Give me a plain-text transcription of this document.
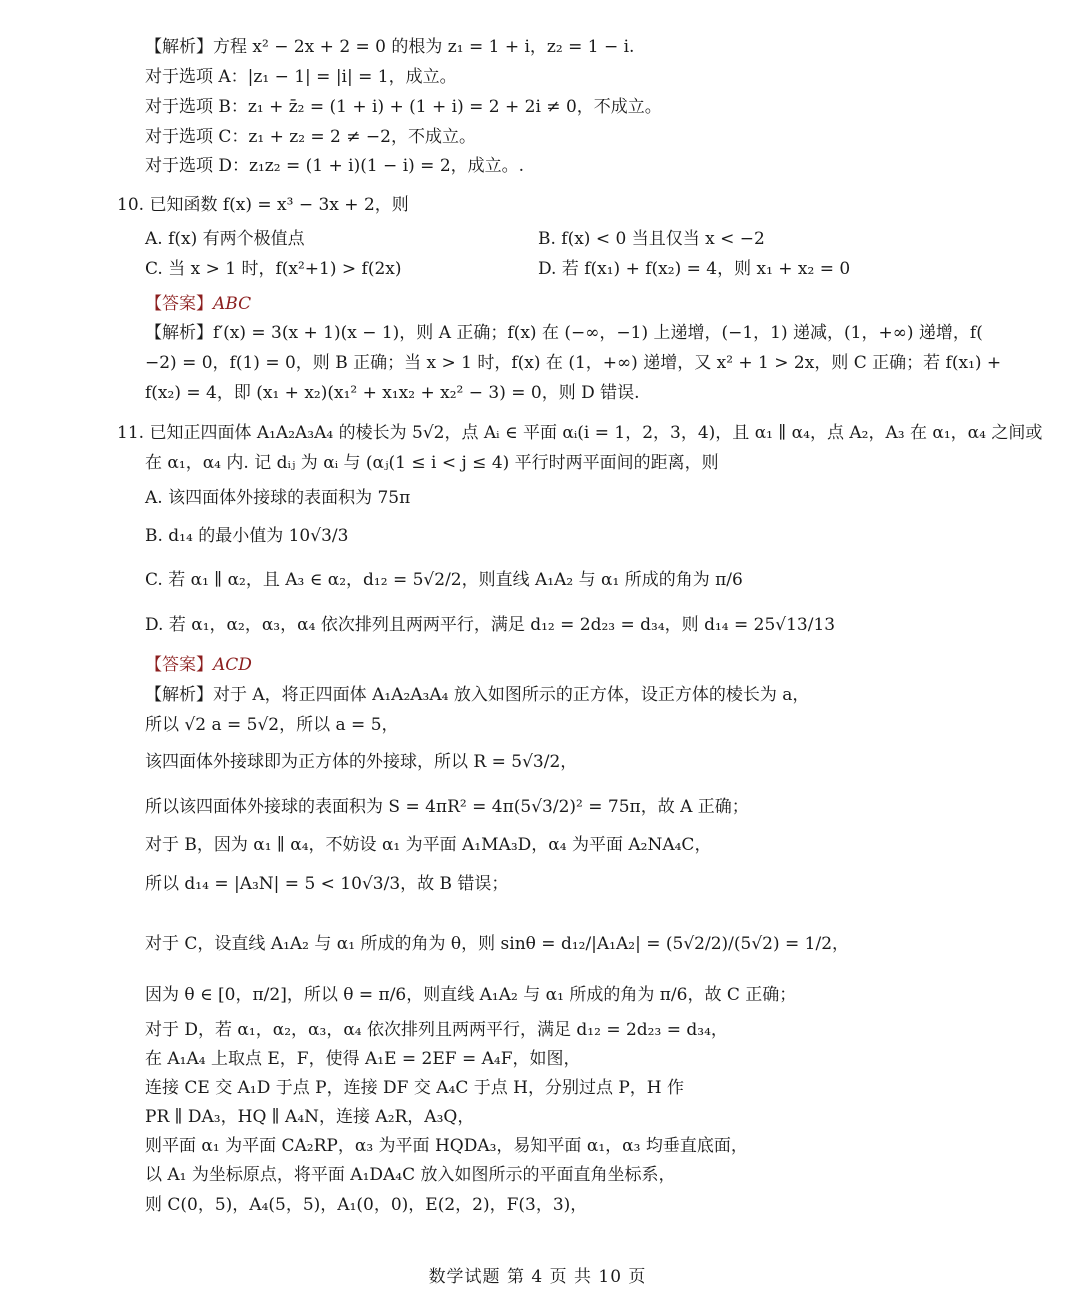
【解析】方程 x² − 2x + 2 = 0 的根为 z₁ = 1 + i，z₂ = 1 − i.
对于选项 A：|z₁ − 1| = |i| = 1，成立。
对于选项 B：z₁ + z̄₂ = (1 + i) + (1 + i) = 2 + 2i ≠ 0，不成立。
对于选项 C：z₁ + z₂ = 2 ≠ −2，不成立。
对于选项 D：z₁z₂ = (1 + i)(1 − i) = 2，成立。.
10. 已知函数 f(x) = x³ − 3x + 2，则
A. f(x) 有两个极值点	B. f(x) < 0 当且仅当 x < −2
C. 当 x > 1 时，f(x²+1) > f(2x)	D. 若 f(x₁) + f(x₂) = 4，则 x₁ + x₂ = 0
【答案】ABC
【解析】f′(x) = 3(x + 1)(x − 1)，则 A 正确；f(x) 在 (−∞，−1) 上递增，(−1，1) 递减，(1，+∞) 递增，f(
−2) = 0，f(1) = 0，则 B 正确；当 x > 1 时，f(x) 在 (1，+∞) 递增，又 x² + 1 > 2x，则 C 正确；若 f(x₁) +
f(x₂) = 4，即 (x₁ + x₂)(x₁² + x₁x₂ + x₂² − 3) = 0，则 D 错误.
11. 已知正四面体 A₁A₂A₃A₄ 的棱长为 5√2，点 Aᵢ ∈ 平面 αᵢ(i = 1，2，3，4)，且 α₁ ∥ α₄，点 A₂，A₃ 在 α₁，α₄ 之间或
在 α₁，α₄ 内. 记 dᵢⱼ 为 αᵢ 与 (αⱼ(1 ≤ i < j ≤ 4) 平行时两平面间的距离，则
A. 该四面体外接球的表面积为 75π
B. d₁₄ 的最小值为 10√3/3
C. 若 α₁ ∥ α₂，且 A₃ ∈ α₂，d₁₂ = 5√2/2，则直线 A₁A₂ 与 α₁ 所成的角为 π/6
D. 若 α₁，α₂，α₃，α₄ 依次排列且两两平行，满足 d₁₂ = 2d₂₃ = d₃₄，则 d₁₄ = 25√13/13
【答案】ACD
【解析】对于 A，将正四面体 A₁A₂A₃A₄ 放入如图所示的正方体，设正方体的棱长为 a，
所以 √2 a = 5√2，所以 a = 5，
该四面体外接球即为正方体的外接球，所以 R = 5√3/2，
所以该四面体外接球的表面积为 S = 4πR² = 4π(5√3/2)² = 75π，故 A 正确；
对于 B，因为 α₁ ∥ α₄，不妨设 α₁ 为平面 A₁MA₃D，α₄ 为平面 A₂NA₄C，
所以 d₁₄ = |A₃N| = 5 < 10√3/3，故 B 错误；
对于 C，设直线 A₁A₂ 与 α₁ 所成的角为 θ，则 sinθ = d₁₂/|A₁A₂| = (5√2/2)/(5√2) = 1/2，
因为 θ ∈ [0，π/2]，所以 θ = π/6，则直线 A₁A₂ 与 α₁ 所成的角为 π/6，故 C 正确；
对于 D，若 α₁，α₂，α₃，α₄ 依次排列且两两平行，满足 d₁₂ = 2d₂₃ = d₃₄，
在 A₁A₄ 上取点 E，F，使得 A₁E = 2EF = A₄F，如图，
连接 CE 交 A₁D 于点 P，连接 DF 交 A₄C 于点 H，分别过点 P，H 作
PR ∥ DA₃，HQ ∥ A₄N，连接 A₂R，A₃Q，
则平面 α₁ 为平面 CA₂RP，α₃ 为平面 HQDA₃，易知平面 α₁，α₃ 均垂直底面，
以 A₁ 为坐标原点，将平面 A₁DA₄C 放入如图所示的平面直角坐标系，
则 C(0，5)，A₄(5，5)，A₁(0，0)，E(2，2)，F(3，3)，
数学试题 第 4 页 共 10 页
